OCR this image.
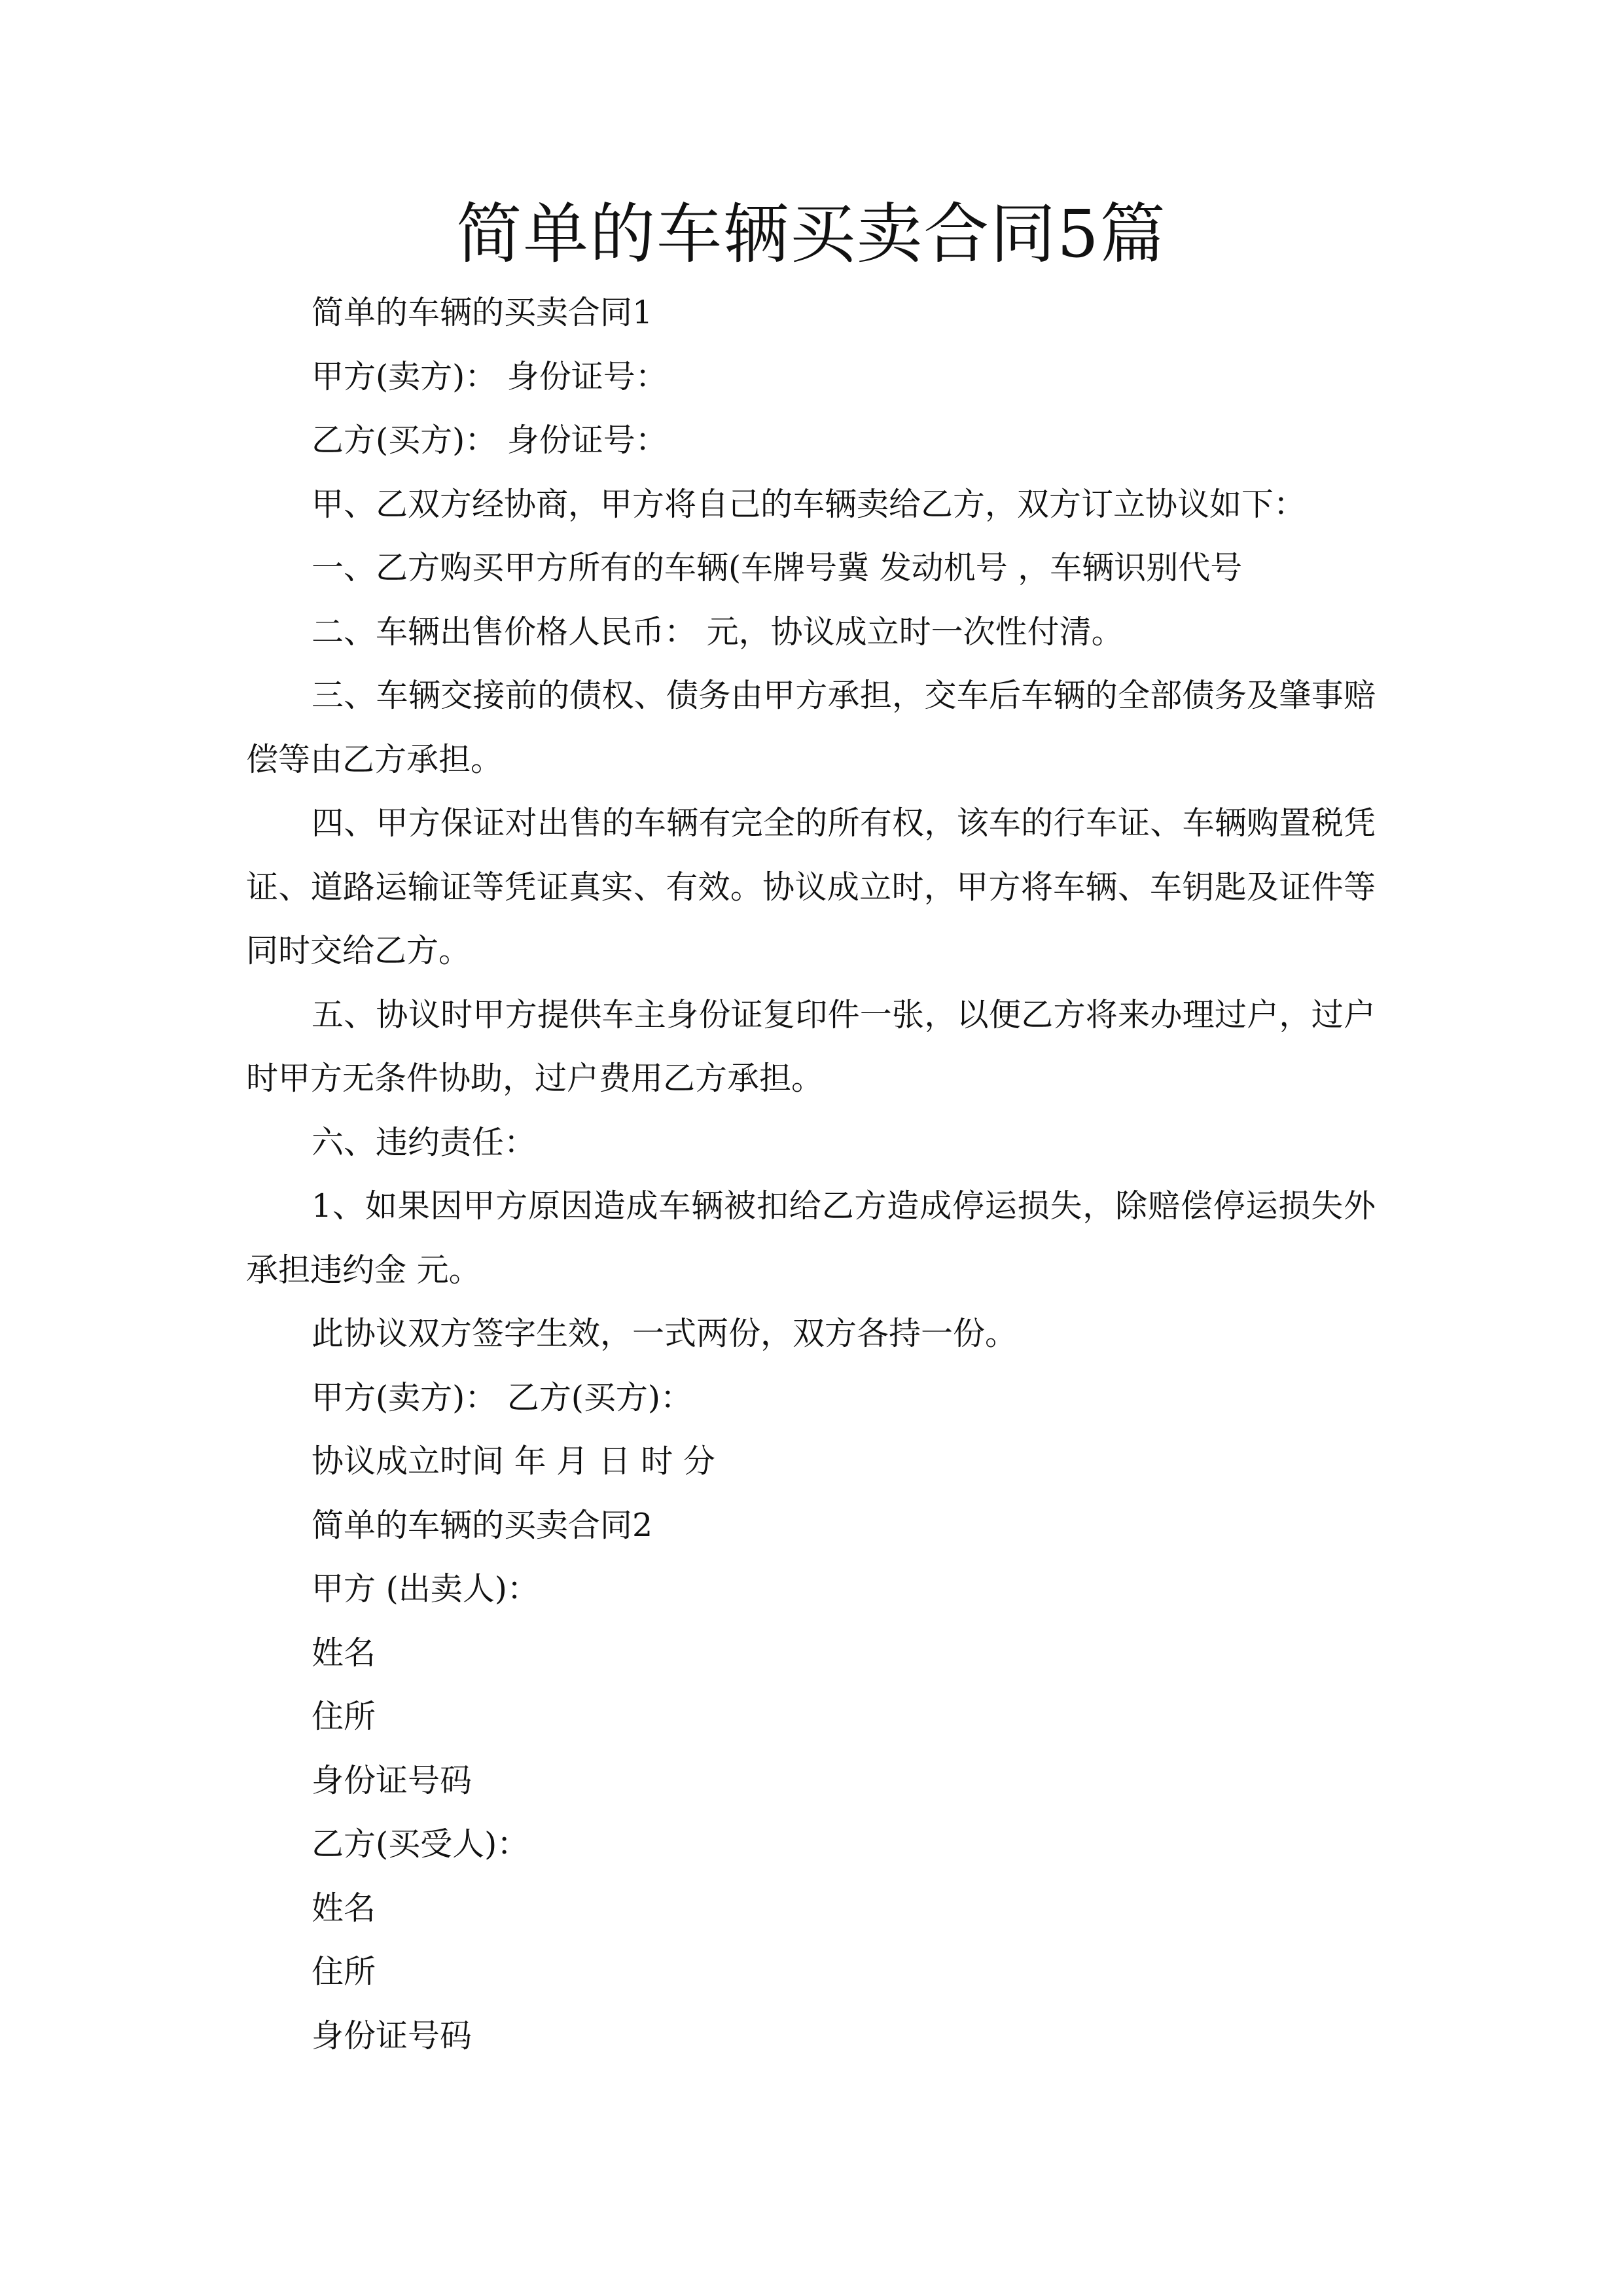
简单的车辆买卖合同5篇
简单的车辆的买卖合同1
甲方(卖方)： 身份证号：
乙方(买方)： 身份证号：
甲、乙双方经协商，甲方将自己的车辆卖给乙方，双方订立协议如下：
一、乙方购买甲方所有的车辆(车牌号冀 发动机号 ，车辆识别代号
二、车辆出售价格人民币： 元，协议成立时一次性付清。
三、车辆交接前的债权、债务由甲方承担，交车后车辆的全部债务及肇事赔
偿等由乙方承担。
四、甲方保证对出售的车辆有完全的所有权，该车的行车证、车辆购置税凭
证、道路运输证等凭证真实、有效。协议成立时，甲方将车辆、车钥匙及证件等
同时交给乙方。
五、协议时甲方提供车主身份证复印件一张，以便乙方将来办理过户，过户
时甲方无条件协助，过户费用乙方承担。
六、违约责任：
1、如果因甲方原因造成车辆被扣给乙方造成停运损失，除赔偿停运损失外
承担违约金 元。
此协议双方签字生效，一式两份，双方各持一份。
甲方(卖方)： 乙方(买方)：
协议成立时间 年 月 日 时 分
简单的车辆的买卖合同2
甲方 (出卖人)：
姓名
住所
身份证号码
乙方(买受人)：
姓名
住所
身份证号码
